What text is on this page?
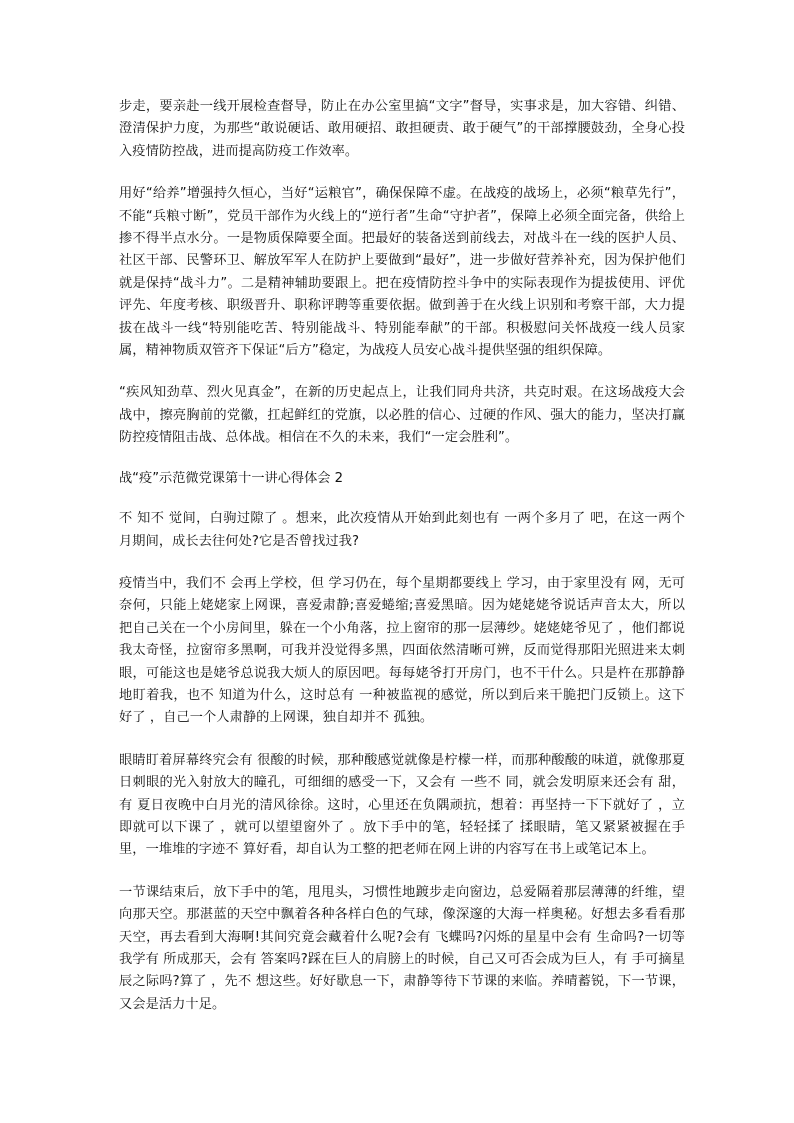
步走，要亲赴一线开展检查督导，防止在办公室里搞“文字”督导，实事求是，加大容错、纠错、澄清保护力度，为那些“敢说硬话、敢用硬招、敢担硬责、敢于硬气”的干部撑腰鼓劲，全身心投入疫情防控战，进而提高防疫工作效率。

用好“给养”增强持久恒心，当好“运粮官”，确保保障不虚。在战疫的战场上，必须“粮草先行”，不能“兵粮寸断”，党员干部作为火线上的“逆行者”生命“守护者”，保障上必须全面完备，供给上掺不得半点水分。一是物质保障要全面。把最好的装备送到前线去，对战斗在一线的医护人员、社区干部、民警环卫、解放军军人在防护上要做到“最好”，进一步做好营养补充，因为保护他们就是保持“战斗力”。二是精神辅助要跟上。把在疫情防控斗争中的实际表现作为提拔使用、评优评先、年度考核、职级晋升、职称评聘等重要依据。做到善于在火线上识别和考察干部，大力提拔在战斗一线“特别能吃苦、特别能战斗、特别能奉献”的干部。积极慰问关怀战疫一线人员家属，精神物质双管齐下保证“后方”稳定，为战疫人员安心战斗提供坚强的组织保障。

“疾风知劲草、烈火见真金”，在新的历史起点上，让我们同舟共济，共克时艰。在这场战疫大会战中，擦亮胸前的党徽，扛起鲜红的党旗，以必胜的信心、过硬的作风、强大的能力，坚决打赢防控疫情阻击战、总体战。相信在不久的未来，我们“一定会胜利”。

战“疫”示范微党课第十一讲心得体会 2

不 知不 觉间，白驹过隙了 。想来，此次疫情从开始到此刻也有 一两个多月了 吧，在这一两个月期间，成长去往何处?它是否曾找过我?

疫情当中，我们不 会再上学校，但 学习仍在，每个星期都要线上 学习，由于家里没有 网，无可奈何，只能上姥姥家上网课，喜爱肃静;喜爱蜷缩;喜爱黑暗。因为姥姥姥爷说话声音太大，所以把自己关在一个小房间里，躲在一个小角落，拉上窗帘的那一层薄纱。姥姥姥爷见了 ，他们都说我太奇怪，拉窗帘多黑啊，可我并没觉得多黑，四面依然清晰可辨，反而觉得那阳光照进来太刺眼，可能这也是姥爷总说我大烦人的原因吧。每每姥爷打开房门，也不干什么。只是杵在那静静地盯着我，也不 知道为什么，这时总有 一种被监视的感觉，所以到后来干脆把门反锁上。这下好了 ，自己一个人肃静的上网课，独自却并不 孤独。

眼睛盯着屏幕终究会有 很酸的时候，那种酸感觉就像是柠檬一样，而那种酸酸的味道，就像那夏日刺眼的光入射放大的瞳孔，可细细的感受一下，又会有 一些不 同，就会发明原来还会有 甜，有 夏日夜晚中白月光的清风徐徐。这时，心里还在负隅顽抗，想着：再坚持一下下就好了 ，立即就可以下课了 ，就可以望望窗外了 。放下手中的笔，轻轻揉了 揉眼睛，笔又紧紧被握在手里，一堆堆的字迹不 算好看，却自认为工整的把老师在网上讲的内容写在书上或笔记本上。

一节课结束后，放下手中的笔，甩甩头，习惯性地踱步走向窗边，总爱隔着那层薄薄的纤维，望向那天空。那湛蓝的天空中飘着各种各样白色的气球，像深邃的大海一样奥秘。好想去多看看那天空，再去看到大海啊!其间究竟会藏着什么呢?会有 飞蝶吗?闪烁的星星中会有 生命吗?一切等我学有 所成那天，会有 答案吗?踩在巨人的肩膀上的时候，自己又可否会成为巨人，有 手可摘星辰之际吗?算了 ，先不 想这些。好好歇息一下，肃静等待下节课的来临。养晴蓄锐，下一节课，又会是活力十足。
